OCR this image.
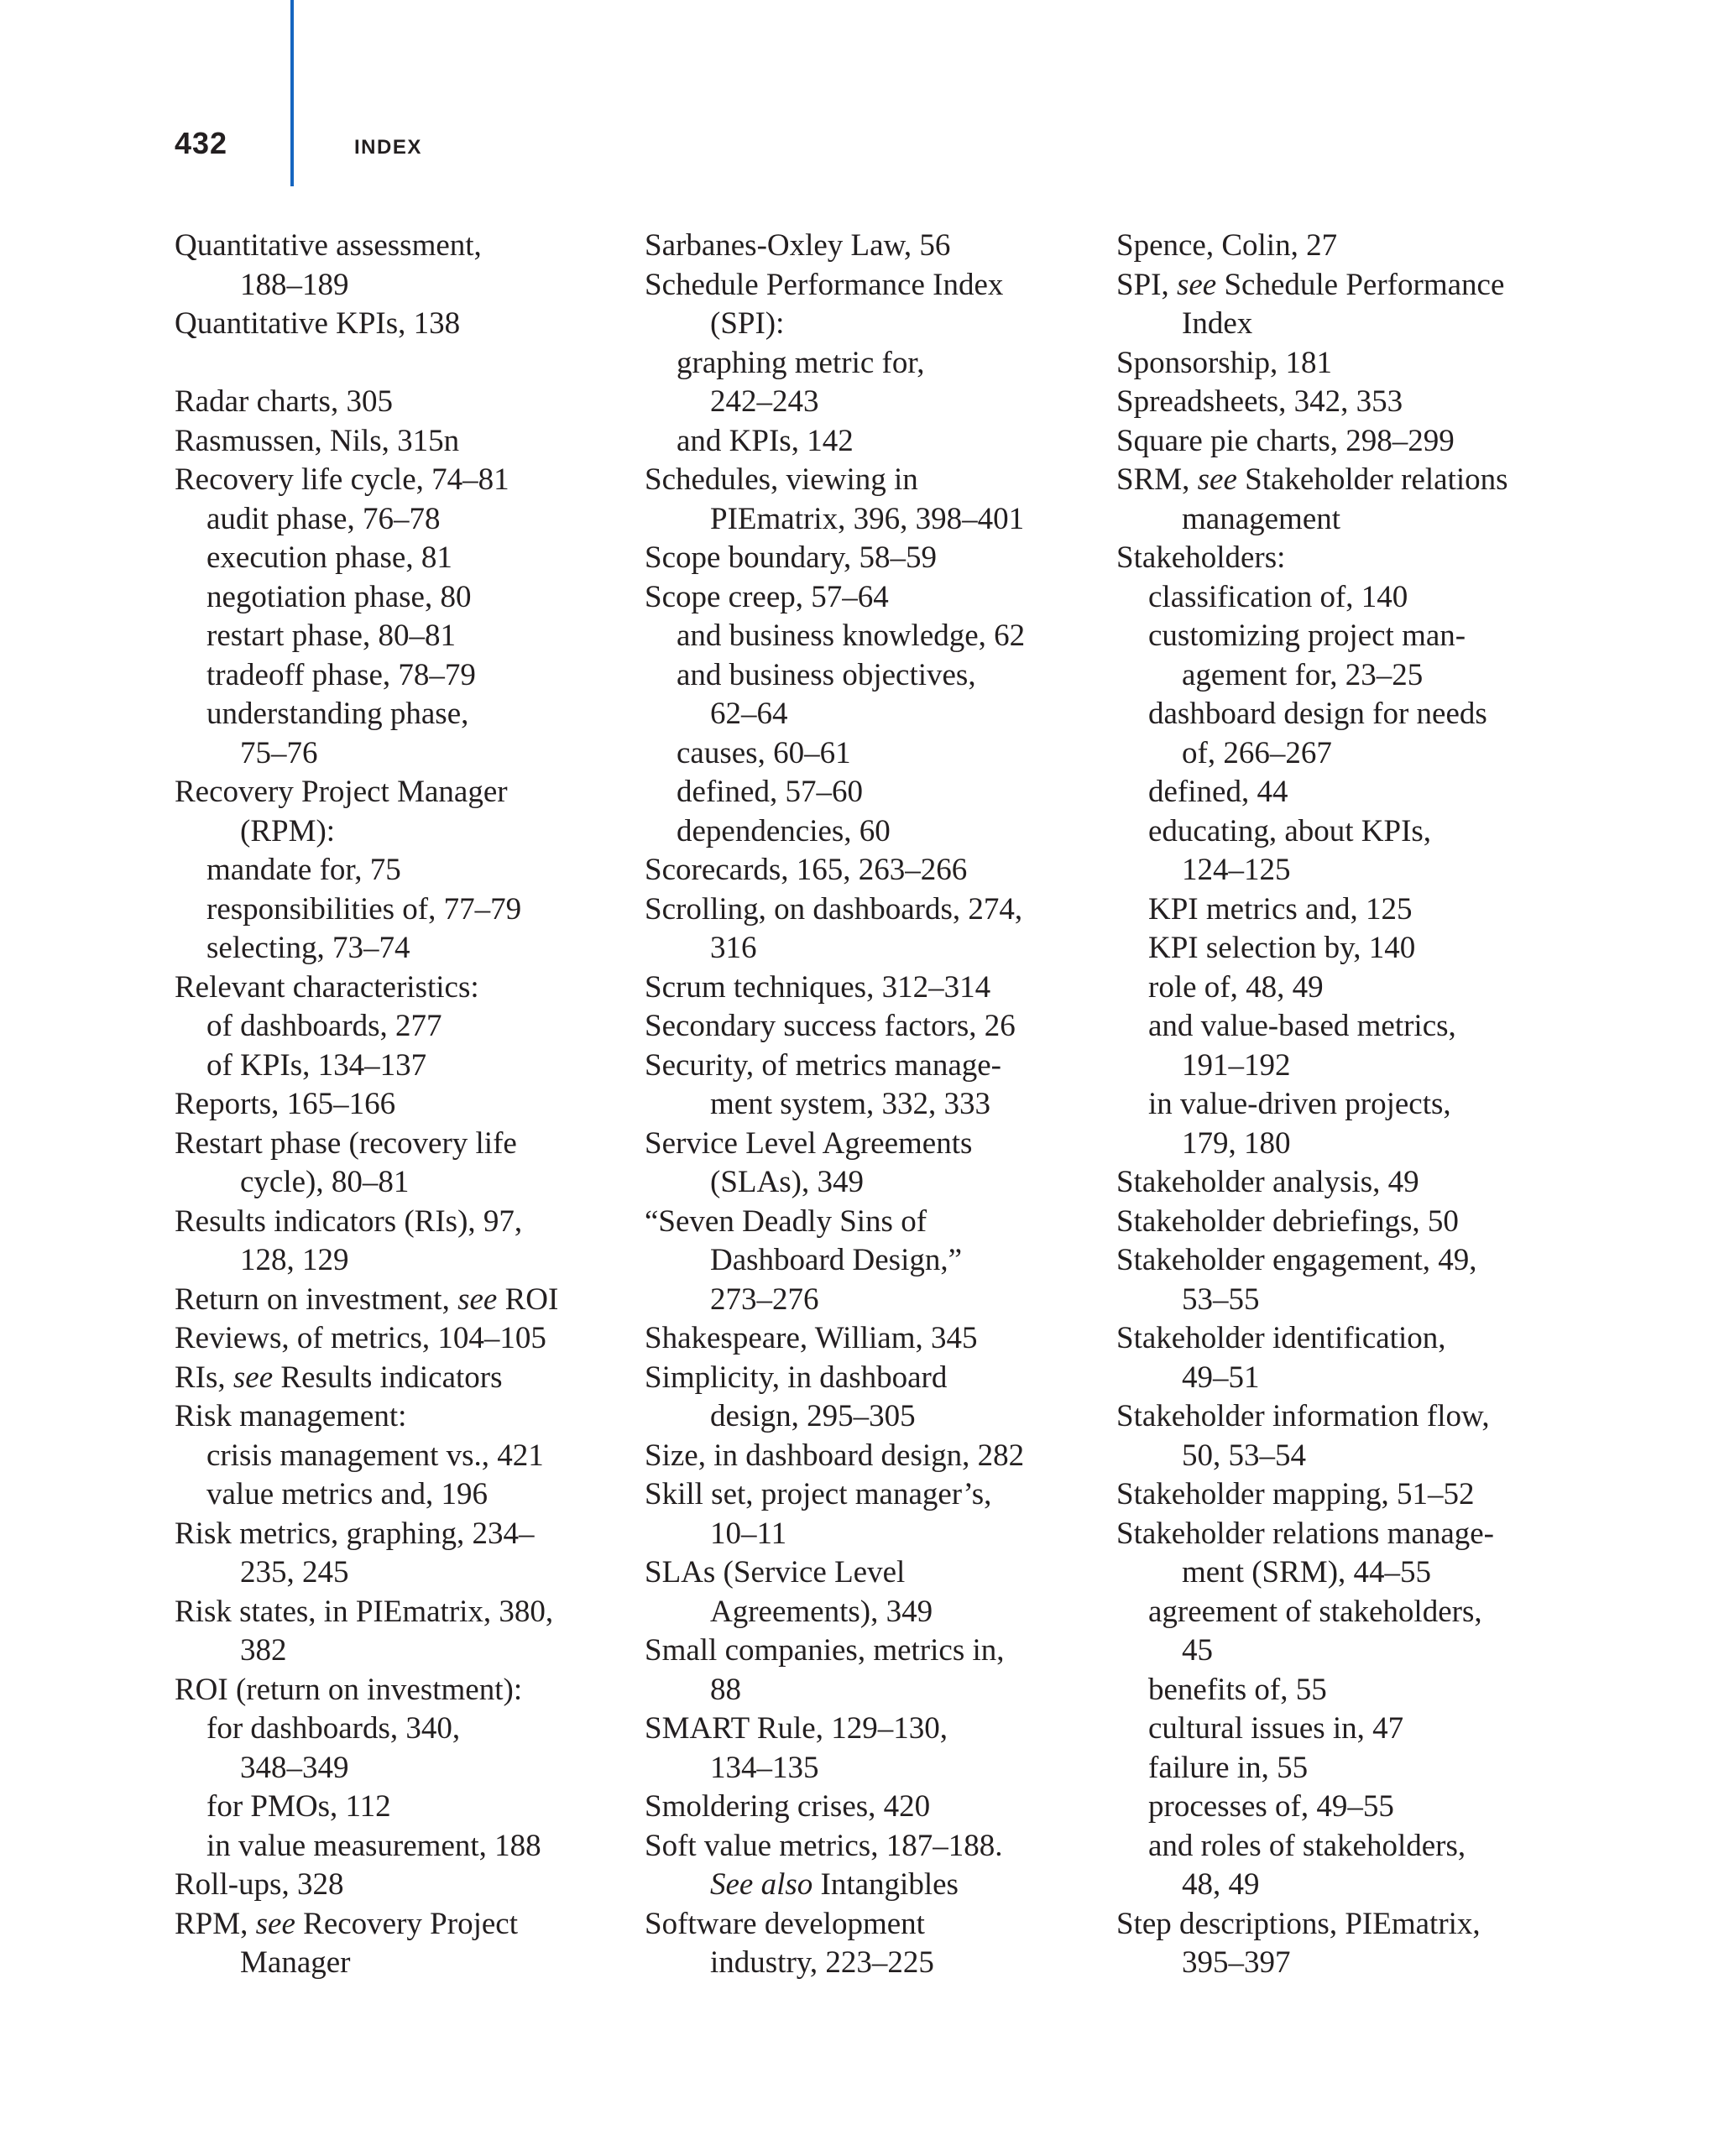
432	INDEX
Quantitative assessment,
188–189
Quantitative KPIs, 138
Radar charts, 305
Rasmussen, Nils, 315n
Recovery life cycle, 74–81
audit phase, 76–78
execution phase, 81
negotiation phase, 80
restart phase, 80–81
tradeoff phase, 78–79
understanding phase,
75–76
Recovery Project Manager
(RPM):
mandate for, 75
responsibilities of, 77–79
selecting, 73–74
Relevant characteristics:
of dashboards, 277
of KPIs, 134–137
Reports, 165–166
Restart phase (recovery life
cycle), 80–81
Results indicators (RIs), 97,
128, 129
Return on investment, see ROI
Reviews, of metrics, 104–105
RIs, see Results indicators
Risk management:
crisis management vs., 421
value metrics and, 196
Risk metrics, graphing, 234–
235, 245
Risk states, in PIEmatrix, 380,
382
ROI (return on investment):
for dashboards, 340,
348–349
for PMOs, 112
in value measurement, 188
Roll-ups, 328
RPM, see Recovery Project
Manager
Sarbanes-Oxley Law, 56
Schedule Performance Index
(SPI):
graphing metric for,
242–243
and KPIs, 142
Schedules, viewing in
PIEmatrix, 396, 398–401
Scope boundary, 58–59
Scope creep, 57–64
and business knowledge, 62
and business objectives,
62–64
causes, 60–61
defined, 57–60
dependencies, 60
Scorecards, 165, 263–266
Scrolling, on dashboards, 274,
316
Scrum techniques, 312–314
Secondary success factors, 26
Security, of metrics manage-
ment system, 332, 333
Service Level Agreements
(SLAs), 349
“Seven Deadly Sins of
Dashboard Design,”
273–276
Shakespeare, William, 345
Simplicity, in dashboard
design, 295–305
Size, in dashboard design, 282
Skill set, project manager’s,
10–11
SLAs (Service Level
Agreements), 349
Small companies, metrics in,
88
SMART Rule, 129–130,
134–135
Smoldering crises, 420
Soft value metrics, 187–188.
See also Intangibles
Software development
industry, 223–225
Spence, Colin, 27
SPI, see Schedule Performance
Index
Sponsorship, 181
Spreadsheets, 342, 353
Square pie charts, 298–299
SRM, see Stakeholder relations
management
Stakeholders:
classification of, 140
customizing project man-
agement for, 23–25
dashboard design for needs
of, 266–267
defined, 44
educating, about KPIs,
124–125
KPI metrics and, 125
KPI selection by, 140
role of, 48, 49
and value-based metrics,
191–192
in value-driven projects,
179, 180
Stakeholder analysis, 49
Stakeholder debriefings, 50
Stakeholder engagement, 49,
53–55
Stakeholder identification,
49–51
Stakeholder information flow,
50, 53–54
Stakeholder mapping, 51–52
Stakeholder relations manage-
ment (SRM), 44–55
agreement of stakeholders,
45
benefits of, 55
cultural issues in, 47
failure in, 55
processes of, 49–55
and roles of stakeholders,
48, 49
Step descriptions, PIEmatrix,
395–397
